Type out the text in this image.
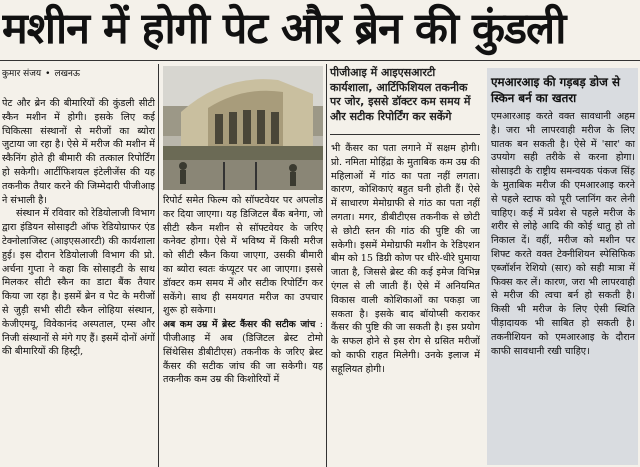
मशीन में होगी पेट और ब्रेन की कुंडली
कुमार संजय • लखनऊ

पेट और ब्रेन की बीमारियों की कुंडली सीटी स्कैन मशीन में होगी। इसके लिए कई चिकित्सा संस्थानों से मरीजों का ब्योरा जुटाया जा रहा है। ऐसे में मरीज की मशीन में स्कैनिंग होते ही बीमारी की तत्काल रिपोर्टिंग हो सकेगी। आर्टीफिशयल इंटेलीजेंस की यह तकनीक तैयार करने की जिम्मेदारी पीजीआइ ने संभाली है।

संस्थान में रविवार को रेडियोलाजी विभाग द्वारा इंडियन सोसाइटी ऑफ रेडियोग्राफर एंड टेक्नोलाजिस्ट (आइएसआरटी) की कार्यशाला हुई। इस दौरान रेडियोलाजी विभाग की प्रो. अर्चना गुप्ता ने कहा कि सोसाइटी के साथ मिलकर सीटी स्कैन का डाटा बैंक तैयार किया जा रहा है। इसमें ब्रेन व पेट के मरीजों से जुड़ी सभी सीटी स्कैन लोहिया संस्थान, केजीएमयू, विवेकानंद अस्पताल, एम्स और निजी संस्थानों से मंगे गए हैं। इसमें दोनों अंगों की बीमारियों की हिस्ट्री,

रिपोर्ट समेत फिल्म को सॉफ्टवेयर पर अपलोड कर दिया जाएगा। यह डिजिटल बैंक बनेगा, जो सीटी स्कैन मशीन से सॉफ्टवेयर के जरिए कनेक्ट होगा। ऐसे में भविष्य में किसी मरीज को सीटी स्कैन किया जाएगा, उसकी बीमारी का ब्योरा स्वतः कंप्यूटर पर आ जाएगा। इससे डॉक्टर कम समय में और सटीक रिपोर्टिंग कर सकेंगे। साथ ही समयगत मरीज का उपचार शुरू हो सकेगा।

अब कम उम्र में ब्रेस्ट कैंसर की सटीक जांच : पीजीआइ में अब (डिजिटल ब्रेस्ट टोमो सिंथेसिस डीबीटीएस) तकनीक के जरिए ब्रेस्ट कैंसर की सटीक जांच की जा सकेगी। यह तकनीक कम उम्र की किशोरियों में

पीजीआइ में आइएसआरटी
कार्यशाला, आर्टिफिशियल तकनीक
पर जोर, इससे डॉक्टर कम समय में
और सटीक रिपोर्टिंग कर सकेंगे

भी कैंसर का पता लगाने में सक्षम होगी। प्रो. नमिता मोहिंद्रा के मुताबिक कम उम्र की महिलाओं में गांठ का पता नहीं लगता। कारण, कोशिकाएं बहुत घनी होती हैं। ऐसे में साधारण मेमोग्राफी से गांठ का पता नहीं लगता। मगर, डीबीटीएस तकनीक से छोटी से छोटी स्तन की गांठ की पुष्टि की जा सकेगी। इसमें मेमोग्राफी मशीन के रेडिएशन बीम को 15 डिग्री कोण पर धीरे-धीरे घुमाया जाता है, जिससे ब्रेस्ट की कई इमेज विभिन्न एंगल से ली जाती हैं। ऐसे में अनियमित विकास वाली कोशिकाओं का पकड़ा जा सकता है। इसके बाद बॉयोप्सी कराकर कैंसर की पुष्टि की जा सकती है। इस प्रयोग के सफल होने से इस रोग से ग्रसित मरीजों को काफी राहत मिलेगी। उनके इलाज में सहूलियत होगी।

एमआरआइ की गड़बड़ डोज से स्किन बर्न का खतरा
एमआरआइ करते वक्त सावधानी अहम है। जरा भी लापरवाही मरीज के लिए घातक बन सकती है। ऐसे में 'सार' का उपयोग सही तरीके से करना होगा। सोसाइटी के राष्ट्रीय समन्वयक पंकज सिंह के मुताबिक मरीज की एमआरआइ करने से पहले स्टाफ को पूरी प्लानिंग कर लेनी चाहिए। कई में प्रवेश से पहले मरीज के शरीर से लोहे आदि की कोई धातु हो तो निकाल दें। वहीं, मरीज को मशीन पर शिफ्ट करते वक्त टेक्नीशियन स्पेसिफिक एब्जॉर्शन रेशियो (सार) को सही मात्रा में फिक्स कर लें। कारण, जरा भी लापरवाही से मरीज की त्वचा बर्न हो सकती है। किसी भी मरीज के लिए ऐसी स्थिति पीड़ादायक भी साबित हो सकती है। तकनीशियन को एमआरआइ के दौरान काफी सावधानी रखी चाहिए।
